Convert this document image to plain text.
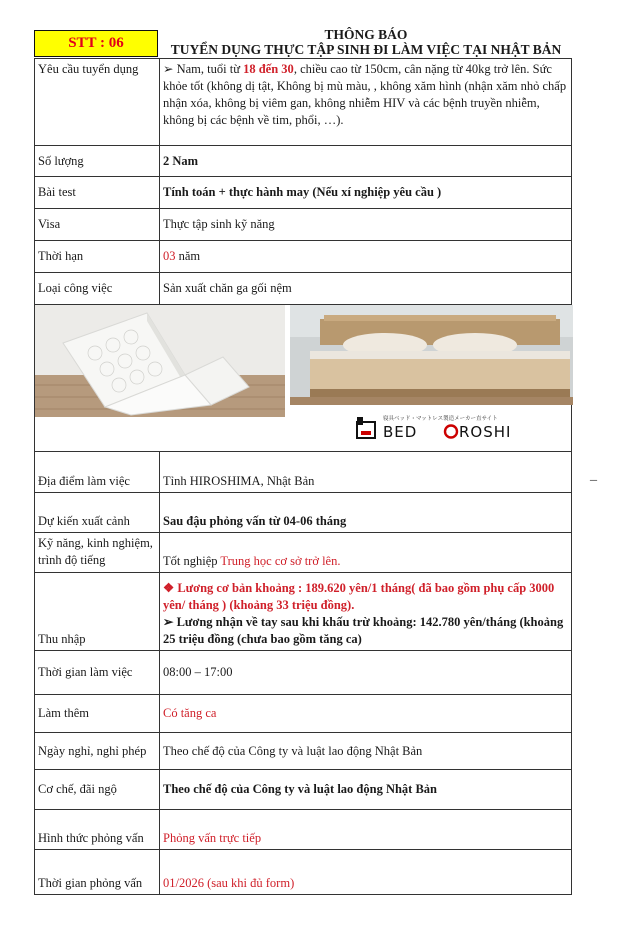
STT : 06
THÔNG BÁO
TUYỂN DỤNG THỰC TẬP SINH ĐI LÀM VIỆC TẠI NHẬT BẢN
Yêu cầu tuyển dụng	➢ Nam, tuổi từ 18 đến 30, chiều cao từ 150cm, cân nặng từ 40kg trở lên. Sức khỏe tốt (không dị tật, Không bị mù màu, , không xăm hình (nhận xăm nhỏ chấp nhận xóa, không bị viêm gan, không nhiễm HIV và các bệnh truyền nhiễm, không bị các bệnh về tim, phổi, …).
Số lượng	2 Nam
Bài test	Tính toán + thực hành may (Nếu xí nghiệp yêu cầu )
Visa	Thực tập sinh kỹ năng
Thời hạn	03 năm
Loại công việc	Sản xuất chăn ga gối nệm

寝具ベッド・マットレス製造メーカー直サイト
BED ROSHI	

Địa điểm làm việc	Tỉnh HIROSHIMA, Nhật Bản
Dự kiến xuất cảnh	Sau đậu phỏng vấn từ 04-06 tháng

Kỹ năng, kinh nghiệm,
trình độ tiếng	Tốt nghiệp Trung học cơ sở trở lên.
Thu nhập	❖ Lương cơ bản khoảng : 189.620 yên/1 tháng( đã bao gồm phụ cấp 3000 yên/ tháng ) (khoảng 33 triệu đồng).
➢ Lương nhận về tay sau khi khấu trừ khoảng: 142.780 yên/tháng (khoảng 25 triệu đồng (chưa bao gồm tăng ca)

Thời gian làm việc	08:00 – 17:00
Làm thêm	Có tăng ca
Ngày nghỉ, nghỉ phép	Theo chế độ của Công ty và luật lao động Nhật Bản
Cơ chế, đãi ngộ	Theo chế độ của Công ty và luật lao động Nhật Bản
Hình thức phỏng vấn	Phỏng vấn trực tiếp
Thời gian phỏng vấn	01/2026 (sau khi đủ form)
_
